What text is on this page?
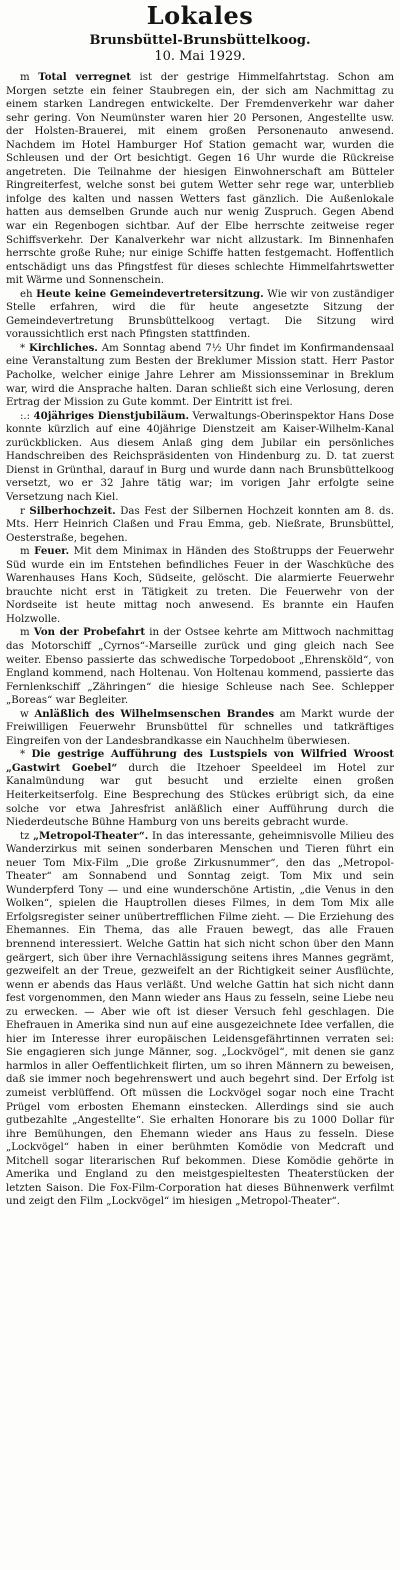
Lokales
Brunsbüttel-Brunsbüttelkoog.
10. Mai 1929.

m Total verregnet ist der gestrige Himmelfahrtstag. Schon am Morgen setzte ein feiner Staubregen ein, der sich am Nachmittag zu einem starken Landregen entwickelte. Der Fremdenverkehr war daher sehr gering. Von Neumünster waren hier 20 Personen, Angestellte usw. der Holsten-Brauerei, mit einem großen Personenauto anwesend. Nachdem im Hotel Hamburger Hof Station gemacht war, wurden die Schleusen und der Ort besichtigt. Gegen 16 Uhr wurde die Rückreise angetreten. Die Teilnahme der hiesigen Einwohnerschaft am Bütteler Ringreiterfest, welche sonst bei gutem Wetter sehr rege war, unterblieb infolge des kalten und nassen Wetters fast gänzlich. Die Außenlokale hatten aus demselben Grunde auch nur wenig Zuspruch. Gegen Abend war ein Regenbogen sichtbar. Auf der Elbe herrschte zeitweise reger Schiffsverkehr. Der Kanalverkehr war nicht allzustark. Im Binnenhafen herrschte große Ruhe; nur einige Schiffe hatten festgemacht. Hoffentlich entschädigt uns das Pfingstfest für dieses schlechte Himmelfahrtswetter mit Wärme und Sonnenschein.

eh Heute keine Gemeindevertretersitzung. Wie wir von zuständiger Stelle erfahren, wird die für heute angesetzte Sitzung der Gemeindevertretung Brunsbüttelkoog vertagt. Die Sitzung wird voraussichtlich erst nach Pfingsten stattfinden.

* Kirchliches. Am Sonntag abend 7½ Uhr findet im Konfirmandensaal eine Veranstaltung zum Besten der Breklumer Mission statt. Herr Pastor Pacholke, welcher einige Jahre Lehrer am Missionsseminar in Breklum war, wird die Ansprache halten. Daran schließt sich eine Verlosung, deren Ertrag der Mission zu Gute kommt. Der Eintritt ist frei.

:.: 40jähriges Dienstjubiläum. Verwaltungs-Oberinspektor Hans Dose konnte kürzlich auf eine 40jährige Dienstzeit am Kaiser-Wilhelm-Kanal zurückblicken. Aus diesem Anlaß ging dem Jubilar ein persönliches Handschreiben des Reichspräsidenten von Hindenburg zu. D. tat zuerst Dienst in Grünthal, darauf in Burg und wurde dann nach Brunsbüttelkoog versetzt, wo er 32 Jahre tätig war; im vorigen Jahr erfolgte seine Versetzung nach Kiel.

r Silberhochzeit. Das Fest der Silbernen Hochzeit konnten am 8. ds. Mts. Herr Heinrich Claßen und Frau Emma, geb. Nießrate, Brunsbüttel, Oesterstraße, begehen.

m Feuer. Mit dem Minimax in Händen des Stoßtrupps der Feuerwehr Süd wurde ein im Entstehen befindliches Feuer in der Waschküche des Warenhauses Hans Koch, Südseite, gelöscht. Die alarmierte Feuerwehr brauchte nicht erst in Tätigkeit zu treten. Die Feuerwehr von der Nordseite ist heute mittag noch anwesend. Es brannte ein Haufen Holzwolle.

m Von der Probefahrt in der Ostsee kehrte am Mittwoch nachmittag das Motorschiff „Cyrnos“-Marseille zurück und ging gleich nach See weiter. Ebenso passierte das schwedische Torpedoboot „Ehrensköld“, von England kommend, nach Holtenau. Von Holtenau kommend, passierte das Fernlenkschiff „Zähringen“ die hiesige Schleuse nach See. Schlepper „Boreas“ war Begleiter.

w Anläßlich des Wilhelmsenschen Brandes am Markt wurde der Freiwilligen Feuerwehr Brunsbüttel für schnelles und tatkräftiges Eingreifen von der Landesbrandkasse ein Nauchhelm überwiesen.

* Die gestrige Aufführung des Lustspiels von Wilfried Wroost „Gastwirt Goebel“ durch die Itzehoer Speeldeel im Hotel zur Kanalmündung war gut besucht und erzielte einen großen Heiterkeitserfolg. Eine Besprechung des Stückes erübrigt sich, da eine solche vor etwa Jahresfrist anläßlich einer Aufführung durch die Niederdeutsche Bühne Hamburg von uns bereits gebracht wurde.

tz „Metropol-Theater“. In das interessante, geheimnisvolle Milieu des Wanderzirkus mit seinen sonderbaren Menschen und Tieren führt ein neuer Tom Mix-Film „Die große Zirkusnummer“, den das „Metropol-Theater“ am Sonnabend und Sonntag zeigt. Tom Mix und sein Wunderpferd Tony — und eine wunderschöne Artistin, „die Venus in den Wolken“, spielen die Hauptrollen dieses Filmes, in dem Tom Mix alle Erfolgsregister seiner unübertrefflichen Filme zieht. — Die Erziehung des Ehemannes. Ein Thema, das alle Frauen bewegt, das alle Frauen brennend interessiert. Welche Gattin hat sich nicht schon über den Mann geärgert, sich über ihre Vernachlässigung seitens ihres Mannes gegrämt, gezweifelt an der Treue, gezweifelt an der Richtigkeit seiner Ausflüchte, wenn er abends das Haus verläßt. Und welche Gattin hat sich nicht dann fest vorgenommen, den Mann wieder ans Haus zu fesseln, seine Liebe neu zu erwecken. — Aber wie oft ist dieser Versuch fehl geschlagen. Die Ehefrauen in Amerika sind nun auf eine ausgezeichnete Idee verfallen, die hier im Interesse ihrer europäischen Leidensgefährtinnen verraten sei: Sie engagieren sich junge Männer, sog. „Lockvögel“, mit denen sie ganz harmlos in aller Oeffentlichkeit flirten, um so ihren Männern zu beweisen, daß sie immer noch begehrenswert und auch begehrt sind. Der Erfolg ist zumeist verblüffend. Oft müssen die Lockvögel sogar noch eine Tracht Prügel vom erbosten Ehemann einstecken. Allerdings sind sie auch gutbezahlte „Angestellte“. Sie erhalten Honorare bis zu 1000 Dollar für ihre Bemühungen, den Ehemann wieder ans Haus zu fesseln. Diese „Lockvögel“ haben in einer berühmten Komödie von Medcraft und Mitchell sogar literarischen Ruf bekommen. Diese Komödie gehörte in Amerika und England zu den meistgespieltesten Theaterstücken der letzten Saison. Die Fox-Film-Corporation hat dieses Bühnenwerk verfilmt und zeigt den Film „Lockvögel“ im hiesigen „Metropol-Theater“.
